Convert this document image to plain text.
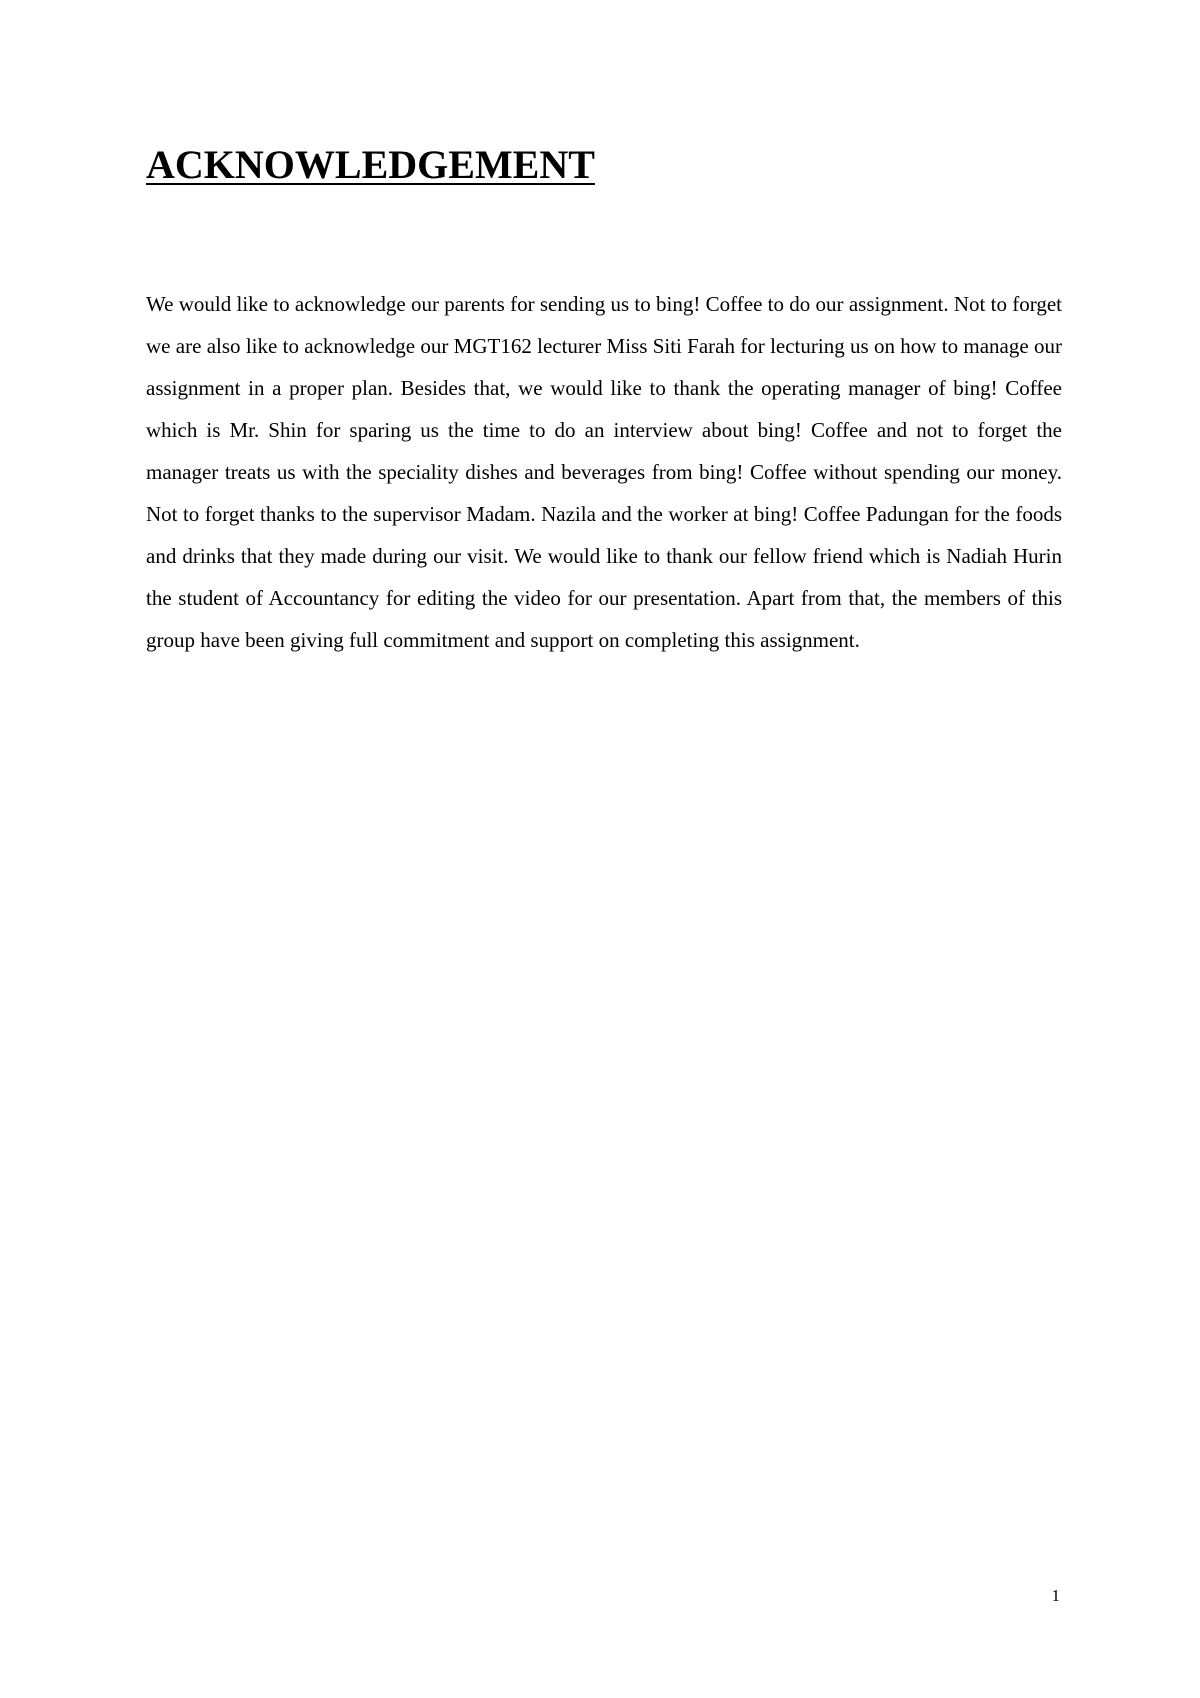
ACKNOWLEDGEMENT

We would like to acknowledge our parents for sending us to bing! Coffee to do our assignment. Not to forget we are also like to acknowledge our MGT162 lecturer Miss Siti Farah for lecturing us on how to manage our assignment in a proper plan. Besides that, we would like to thank the operating manager of bing! Coffee which is Mr. Shin for sparing us the time to do an interview about bing! Coffee and not to forget the manager treats us with the speciality dishes and beverages from bing! Coffee without spending our money. Not to forget thanks to the supervisor Madam. Nazila and the worker at bing! Coffee Padungan for the foods and drinks that they made during our visit. We would like to thank our fellow friend which is Nadiah Hurin the student of Accountancy for editing the video for our presentation. Apart from that, the members of this group have been giving full commitment and support on completing this assignment.

1
